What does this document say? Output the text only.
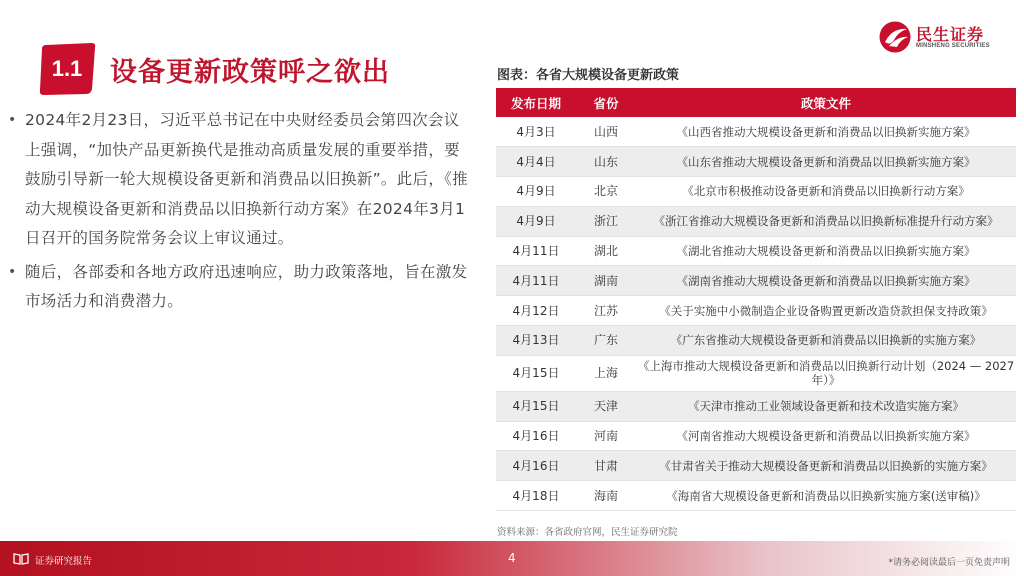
1.1	设备更新政策呼之欲出
民生证券
MINSHENG SECURITIES
• 2024年2月23日，习近平总书记在中央财经委员会第四次会议上强调，“加快产品更新换代是推动高质量发展的重要举措，要鼓励引导新一轮大规模设备更新和消费品以旧换新”。此后，《推动大规模设备更新和消费品以旧换新行动方案》在2024年3月1日召开的国务院常务会议上审议通过。
• 随后，各部委和各地方政府迅速响应，助力政策落地，旨在激发市场活力和消费潜力。
图表：各省大规模设备更新政策
发布日期	省份	政策文件
4月3日	山西	《山西省推动大规模设备更新和消费品以旧换新实施方案》
4月4日	山东	《山东省推动大规模设备更新和消费品以旧换新实施方案》
4月9日	北京	《北京市积极推动设备更新和消费品以旧换新行动方案》
4月9日	浙江	《浙江省推动大规模设备更新和消费品以旧换新标准提升行动方案》
4月11日	湖北	《湖北省推动大规模设备更新和消费品以旧换新实施方案》
4月11日	湖南	《湖南省推动大规模设备更新和消费品以旧换新实施方案》
4月12日	江苏	《关于实施中小微制造企业设备购置更新改造贷款担保支持政策》
4月13日	广东	《广东省推动大规模设备更新和消费品以旧换新的实施方案》
4月15日	上海	《上海市推动大规模设备更新和消费品以旧换新行动计划（2024 — 2027 年）》
4月15日	天津	《天津市推动工业领域设备更新和技术改造实施方案》
4月16日	河南	《河南省推动大规模设备更新和消费品以旧换新实施方案》
4月16日	甘肃	《甘肃省关于推动大规模设备更新和消费品以旧换新的实施方案》
4月18日	海南	《海南省大规模设备更新和消费品以旧换新实施方案(送审稿)》
资料来源：各省政府官网，民生证券研究院
证券研究报告	4	*请务必阅读最后一页免责声明
